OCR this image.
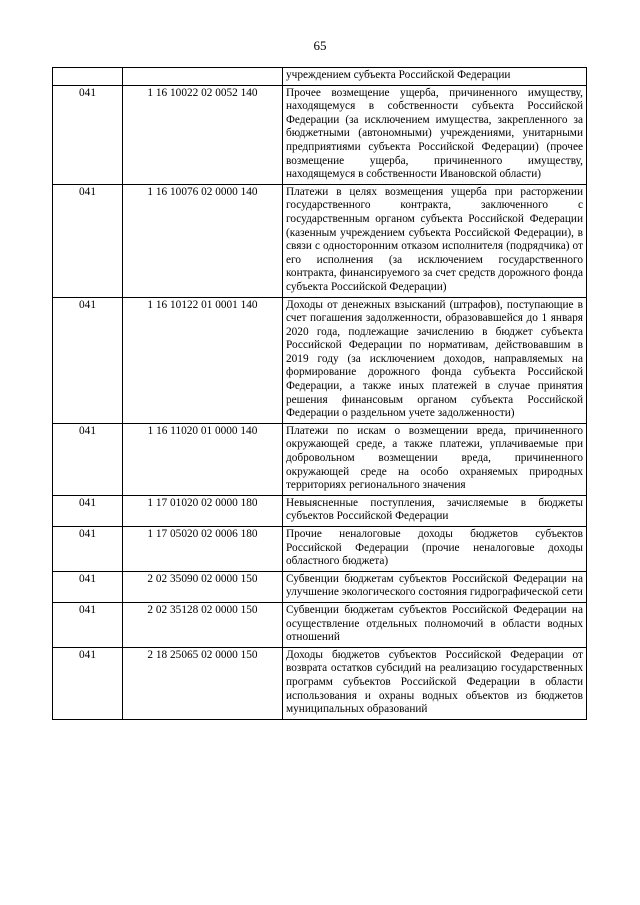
65
		учреждением субъекта Российской Федерации
041	1 16 10022 02 0052 140	Прочее возмещение ущерба, причиненного имуществу, находящемуся в собственности субъекта Российской Федерации (за исключением имущества, закрепленного за бюджетными (автономными) учреждениями, унитарными предприятиями субъекта Российской Федерации) (прочее возмещение ущерба, причиненного имуществу, находящемуся в собственности Ивановской области)
041	1 16 10076 02 0000 140	Платежи в целях возмещения ущерба при расторжении государственного контракта, заключенного с государственным органом субъекта Российской Федерации (казенным учреждением субъекта Российской Федерации), в связи с односторонним отказом исполнителя (подрядчика) от его исполнения (за исключением государственного контракта, финансируемого за счет средств дорожного фонда субъекта Российской Федерации)
041	1 16 10122 01 0001 140	Доходы от денежных взысканий (штрафов), поступающие в счет погашения задолженности, образовавшейся до 1 января 2020 года, подлежащие зачислению в бюджет субъекта Российской Федерации по нормативам, действовавшим в 2019 году (за исключением доходов, направляемых на формирование дорожного фонда субъекта Российской Федерации, а также иных платежей в случае принятия решения финансовым органом субъекта Российской Федерации о раздельном учете задолженности)
041	1 16 11020 01 0000 140	Платежи по искам о возмещении вреда, причиненного окружающей среде, а также платежи, уплачиваемые при добровольном возмещении вреда, причиненного окружающей среде на особо охраняемых природных территориях регионального значения
041	1 17 01020 02 0000 180	Невыясненные поступления, зачисляемые в бюджеты субъектов Российской Федерации
041	1 17 05020 02 0006 180	Прочие неналоговые доходы бюджетов субъектов Российской Федерации (прочие неналоговые доходы областного бюджета)
041	2 02 35090 02 0000 150	Субвенции бюджетам субъектов Российской Федерации на улучшение экологического состояния гидрографической сети
041	2 02 35128 02 0000 150	Субвенции бюджетам субъектов Российской Федерации на осуществление отдельных полномочий в области водных отношений
041	2 18 25065 02 0000 150	Доходы бюджетов субъектов Российской Федерации от возврата остатков субсидий на реализацию государственных программ субъектов Российской Федерации в области использования и охраны водных объектов из бюджетов муниципальных образований
